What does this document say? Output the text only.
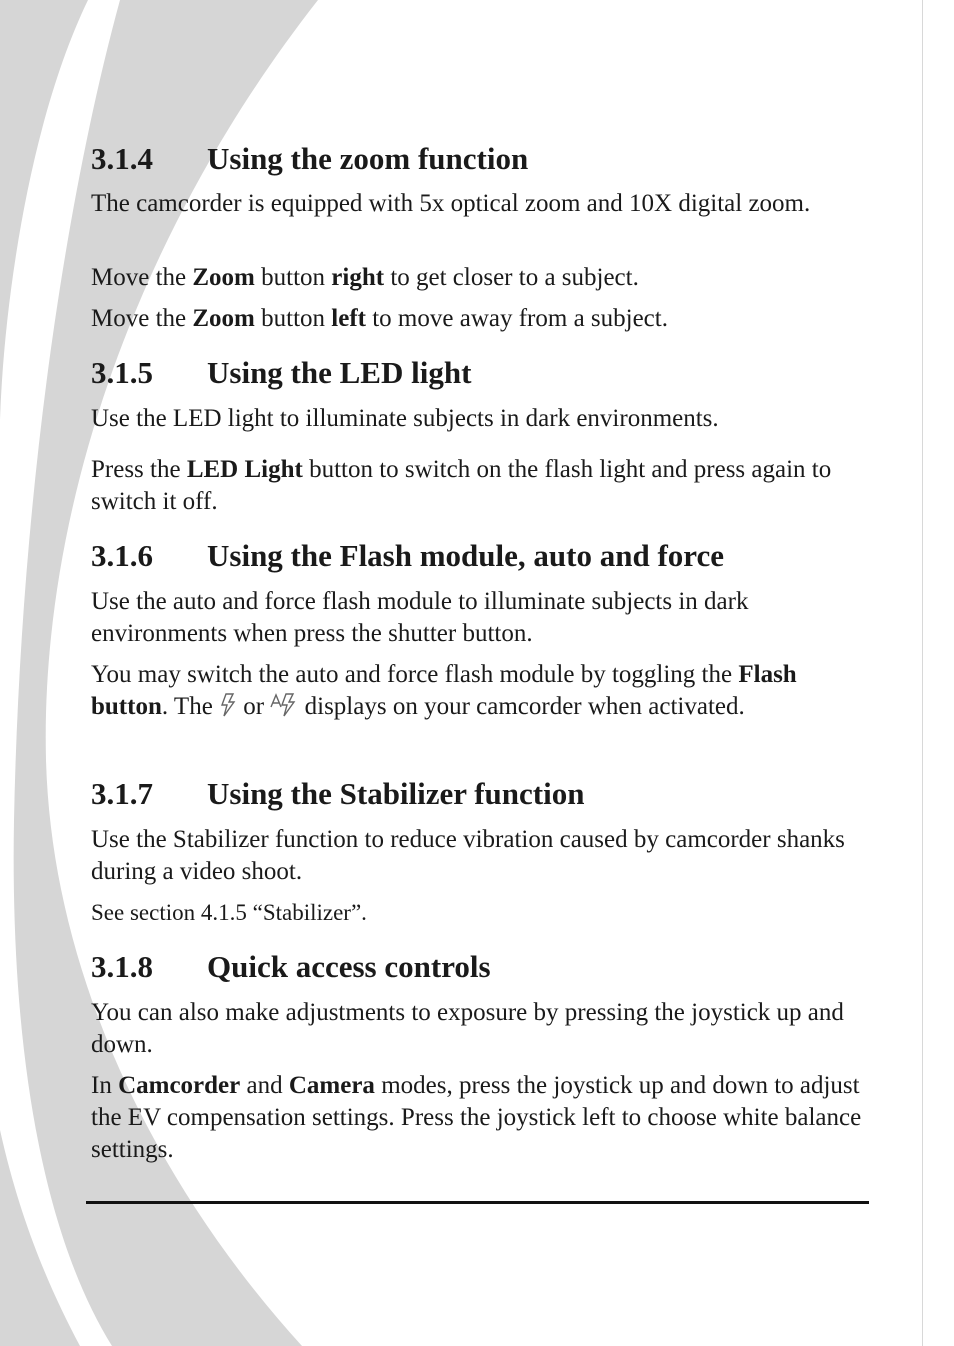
3.1.4 Using the zoom function

The camcorder is equipped with 5x optical zoom and 10X digital zoom.

Move the Zoom button right to get closer to a subject.

Move the Zoom button left to move away from a subject.

3.1.5 Using the LED light

Use the LED light to illuminate subjects in dark environments.

Press the LED Light button to switch on the flash light and press again to switch it off.

3.1.6 Using the Flash module, auto and force

Use the auto and force flash module to illuminate subjects in dark environments when press the shutter button.

You may switch the auto and force flash module by toggling the Flash button. The  or  displays on your camcorder when activated.

3.1.7 Using the Stabilizer function

Use the Stabilizer function to reduce vibration caused by camcorder shanks during a video shoot.

See section 4.1.5 “Stabilizer”.

3.1.8 Quick access controls

You can also make adjustments to exposure by pressing the joystick up and down.

In Camcorder and Camera modes, press the joystick up and down to adjust the EV compensation settings. Press the joystick left to choose white balance settings.
